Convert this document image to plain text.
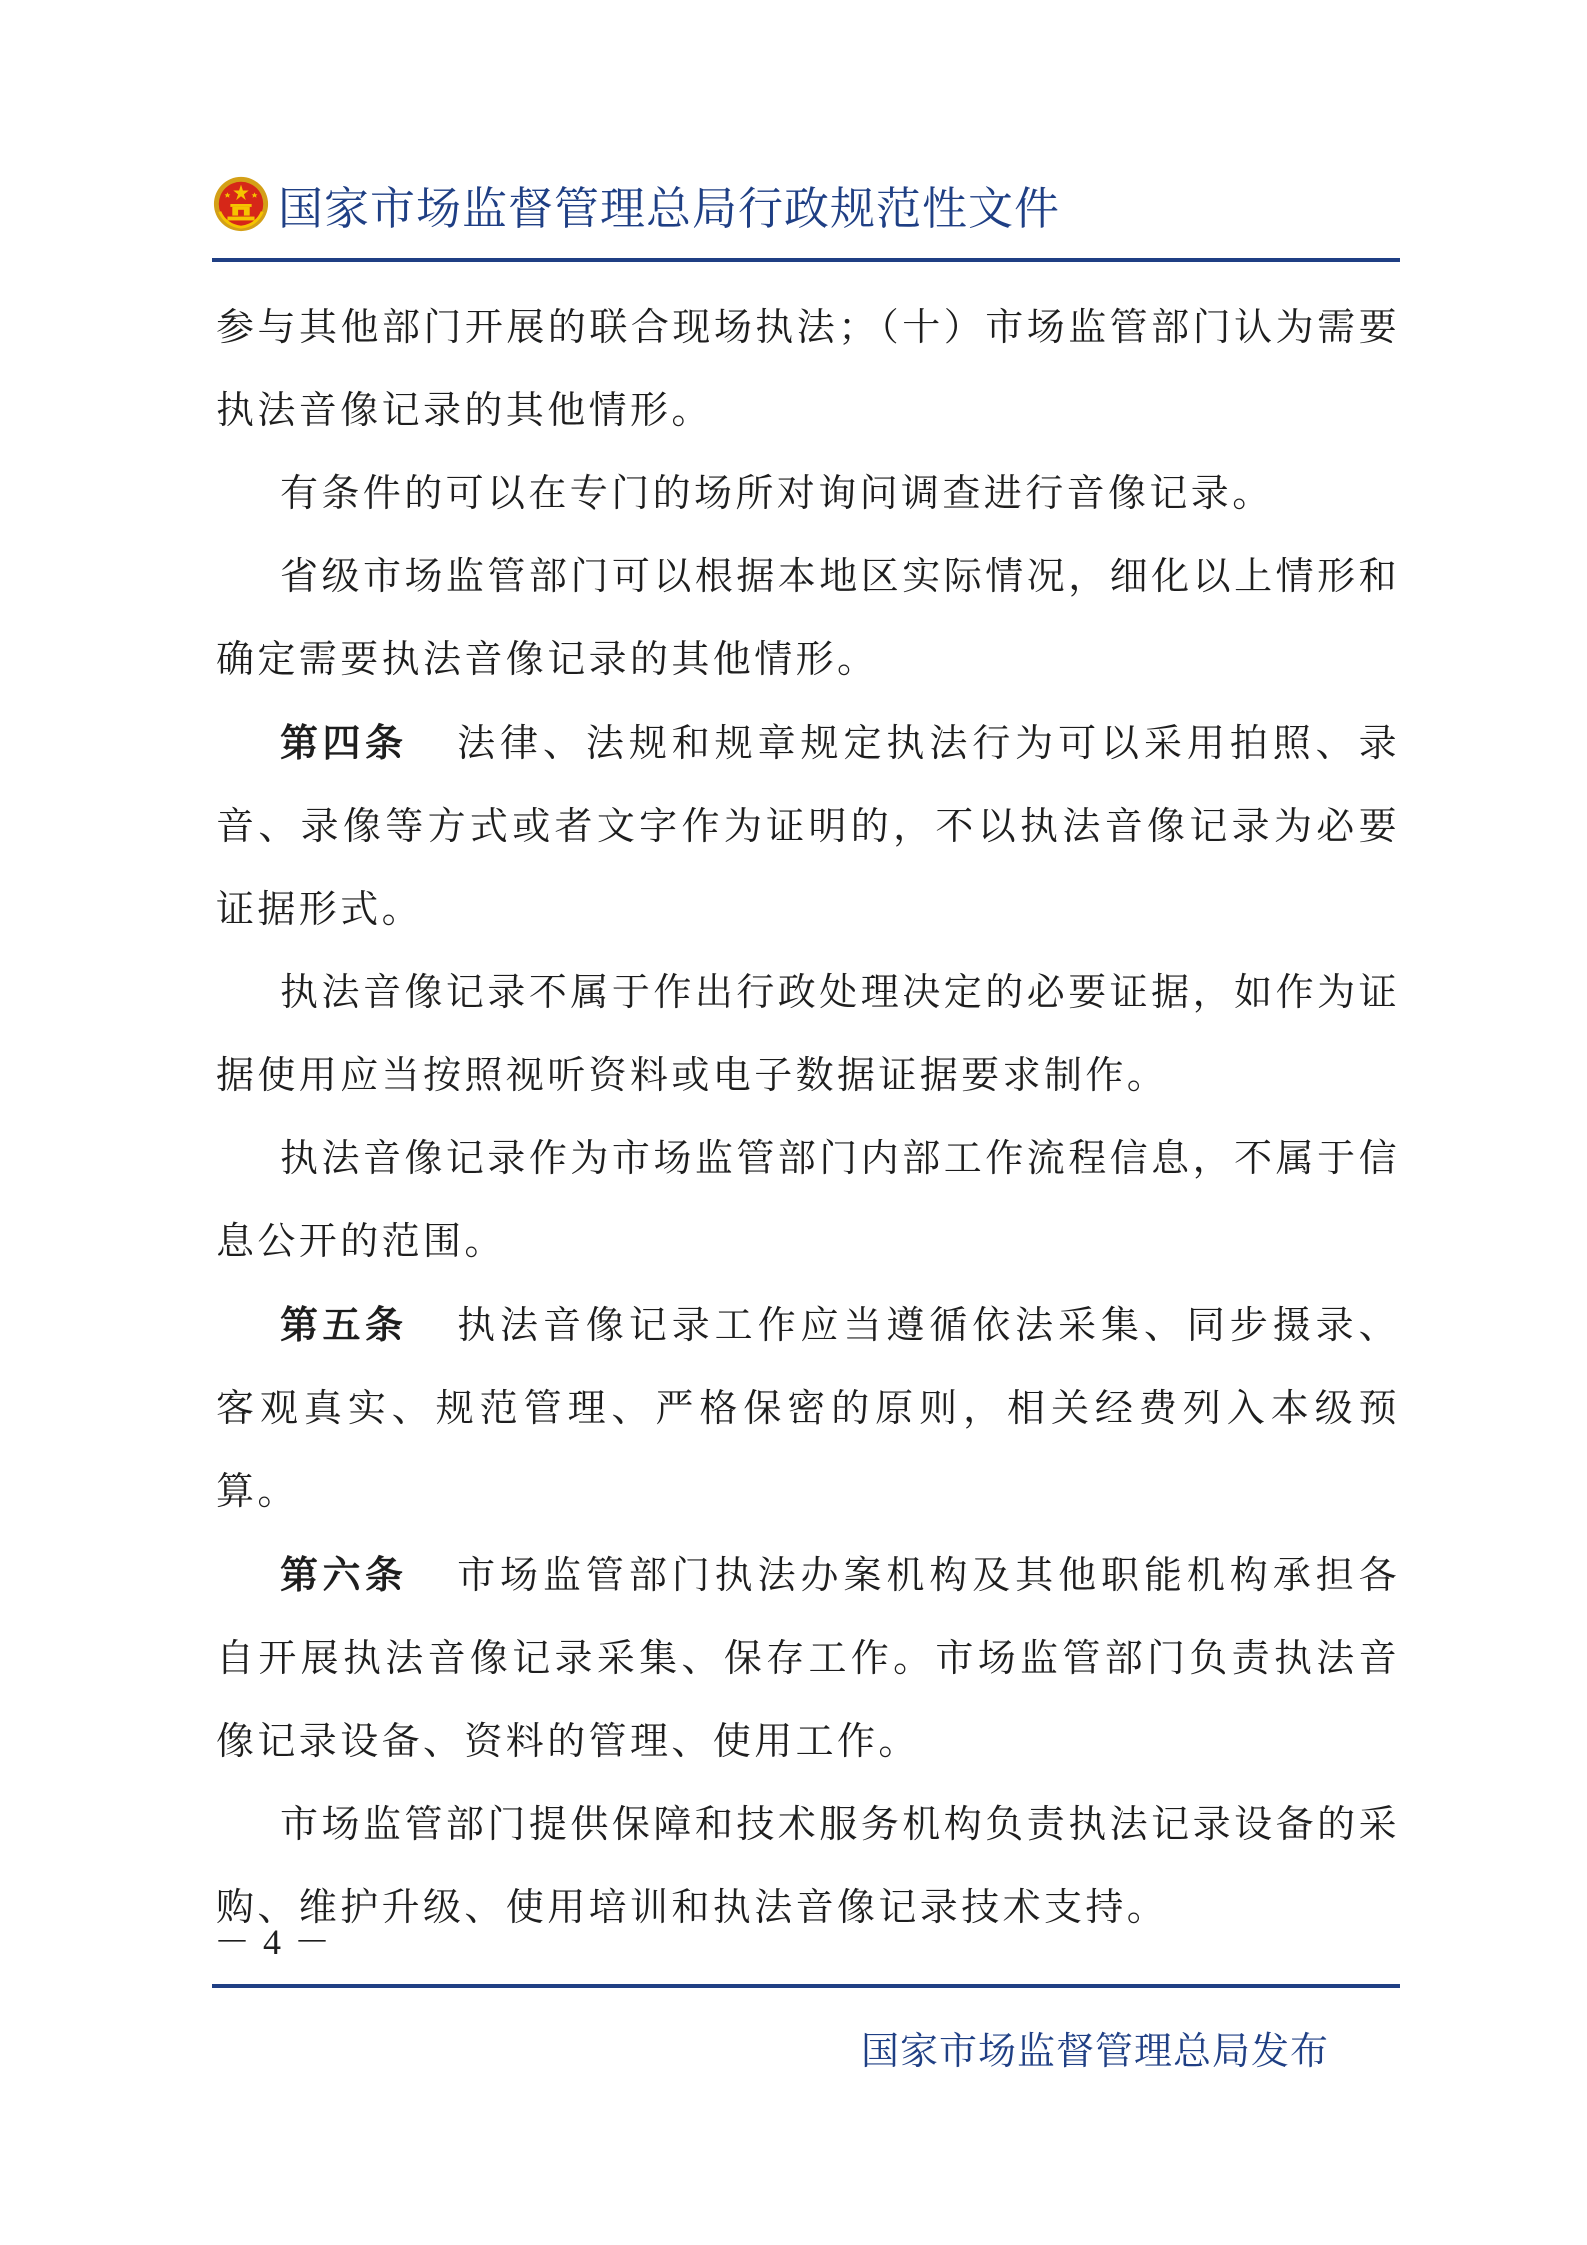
国家市场监督管理总局行政规范性文件

参与其他部门开展的联合现场执法；（十）市场监管部门认为需要执法音像记录的其他情形。

有条件的可以在专门的场所对询问调查进行音像记录。

省级市场监管部门可以根据本地区实际情况，细化以上情形和确定需要执法音像记录的其他情形。

第四条 法律、法规和规章规定执法行为可以采用拍照、录音、录像等方式或者文字作为证明的，不以执法音像记录为必要证据形式。

执法音像记录不属于作出行政处理决定的必要证据，如作为证据使用应当按照视听资料或电子数据证据要求制作。

执法音像记录作为市场监管部门内部工作流程信息，不属于信息公开的范围。

第五条 执法音像记录工作应当遵循依法采集、同步摄录、客观真实、规范管理、严格保密的原则，相关经费列入本级预算。

第六条 市场监管部门执法办案机构及其他职能机构承担各自开展执法音像记录采集、保存工作。市场监管部门负责执法音像记录设备、资料的管理、使用工作。

市场监管部门提供保障和技术服务机构负责执法记录设备的采购、维护升级、使用培训和执法音像记录技术支持。

－ 4 －
国家市场监督管理总局发布
